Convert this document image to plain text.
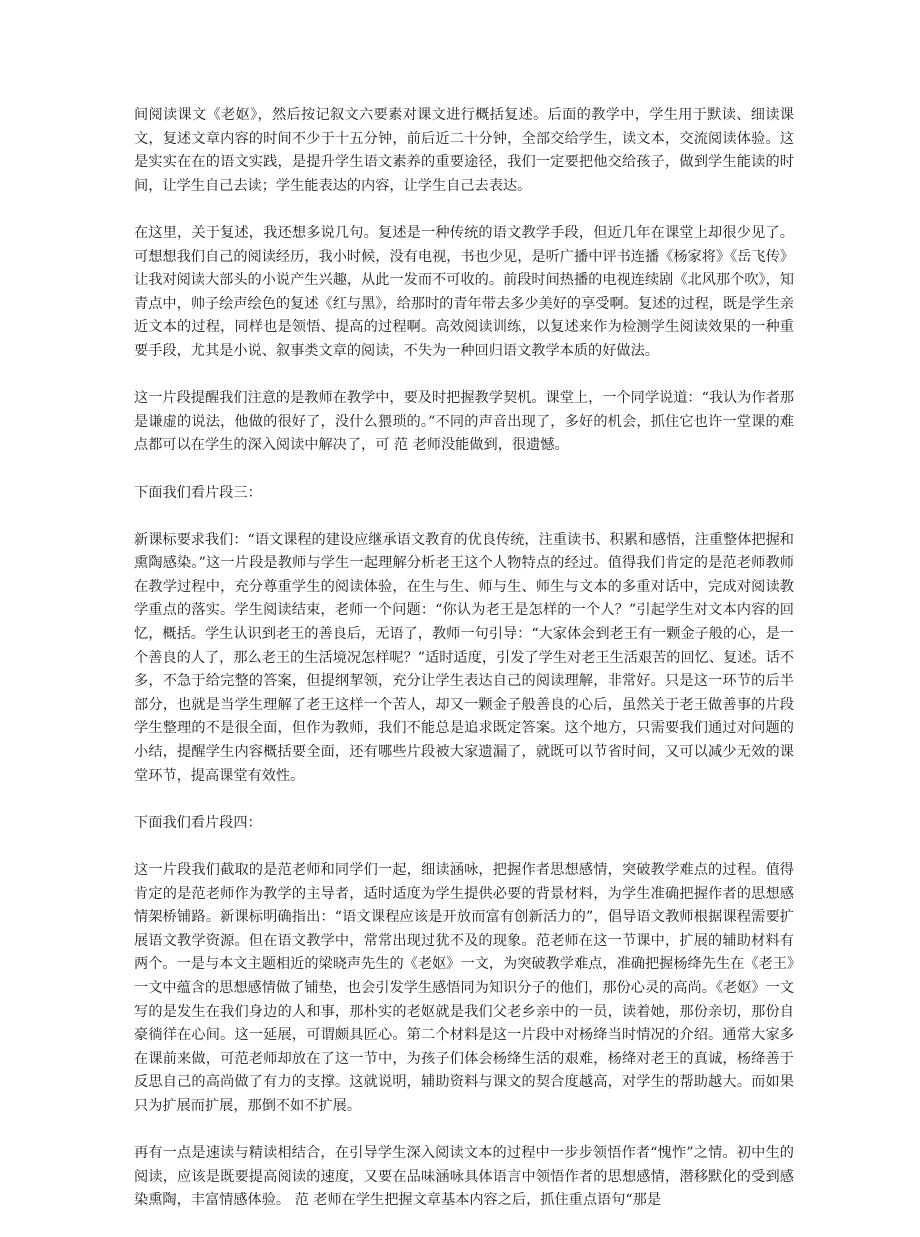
间阅读课文《老妪》，然后按记叙文六要素对课文进行概括复述。后面的教学中，学生用于默读、细读课文，复述文章内容的时间不少于十五分钟，前后近二十分钟，全部交给学生，读文本，交流阅读体验。这是实实在在的语文实践，是提升学生语文素养的重要途径，我们一定要把他交给孩子，做到学生能读的时间，让学生自己去读；学生能表达的内容，让学生自己去表达。

在这里，关于复述，我还想多说几句。复述是一种传统的语文教学手段，但近几年在课堂上却很少见了。可想想我们自己的阅读经历，我小时候，没有电视，书也少见，是听广播中评书连播《杨家将》《岳飞传》让我对阅读大部头的小说产生兴趣，从此一发而不可收的。前段时间热播的电视连续剧《北风那个吹》，知青点中，帅子绘声绘色的复述《红与黑》，给那时的青年带去多少美好的享受啊。复述的过程，既是学生亲近文本的过程，同样也是领悟、提高的过程啊。高效阅读训练，以复述来作为检测学生阅读效果的一种重要手段，尤其是小说、叙事类文章的阅读，不失为一种回归语文教学本质的好做法。

这一片段提醒我们注意的是教师在教学中，要及时把握教学契机。课堂上，一个同学说道：“我认为作者那是谦虚的说法，他做的很好了，没什么猥琐的。”不同的声音出现了，多好的机会，抓住它也许一堂课的难点都可以在学生的深入阅读中解决了，可 范 老师没能做到，很遗憾。

下面我们看片段三：

新课标要求我们：“语文课程的建设应继承语文教育的优良传统，注重读书、积累和感悟，注重整体把握和熏陶感染。”这一片段是教师与学生一起理解分析老王这个人物特点的经过。值得我们肯定的是范老师教师在教学过程中，充分尊重学生的阅读体验，在生与生、师与生、师生与文本的多重对话中，完成对阅读教学重点的落实。学生阅读结束，老师一个问题：“你认为老王是怎样的一个人？”引起学生对文本内容的回忆，概括。学生认识到老王的善良后，无语了，教师一句引导：“大家体会到老王有一颗金子般的心，是一个善良的人了，那么老王的生活境况怎样呢？”适时适度，引发了学生对老王生活艰苦的回忆、复述。话不多，不急于给完整的答案，但提纲挈领，充分让学生表达自己的阅读理解，非常好。只是这一环节的后半部分，也就是当学生理解了老王这样一个苦人，却又一颗金子般善良的心后，虽然关于老王做善事的片段学生整理的不是很全面，但作为教师，我们不能总是追求既定答案。这个地方，只需要我们通过对问题的小结，提醒学生内容概括要全面，还有哪些片段被大家遗漏了，就既可以节省时间，又可以减少无效的课堂环节，提高课堂有效性。

下面我们看片段四：

这一片段我们截取的是范老师和同学们一起，细读涵咏，把握作者思想感情，突破教学难点的过程。值得肯定的是范老师作为教学的主导者，适时适度为学生提供必要的背景材料，为学生准确把握作者的思想感情架桥铺路。新课标明确指出：“语文课程应该是开放而富有创新活力的”，倡导语文教师根据课程需要扩展语文教学资源。但在语文教学中，常常出现过犹不及的现象。范老师在这一节课中，扩展的辅助材料有两个。一是与本文主题相近的梁晓声先生的《老妪》一文，为突破教学难点，准确把握杨绛先生在《老王》一文中蕴含的思想感情做了铺垫，也会引发学生感悟同为知识分子的他们，那份心灵的高尚。《老妪》一文写的是发生在我们身边的人和事，那朴实的老妪就是我们父老乡亲中的一员，读着她，那份亲切，那份自豪徜徉在心间。这一延展，可谓颇具匠心。第二个材料是这一片段中对杨绛当时情况的介绍。通常大家多在课前来做，可范老师却放在了这一节中，为孩子们体会杨绛生活的艰难，杨绛对老王的真诚，杨绛善于反思自己的高尚做了有力的支撑。这就说明，辅助资料与课文的契合度越高，对学生的帮助越大。而如果只为扩展而扩展，那倒不如不扩展。

再有一点是速读与精读相结合，在引导学生深入阅读文本的过程中一步步领悟作者“愧怍”之情。初中生的阅读，应该是既要提高阅读的速度，又要在品味涵咏具体语言中领悟作者的思想感情，潜移默化的受到感染熏陶，丰富情感体验。 范 老师在学生把握文章基本内容之后，抓住重点语句“那是
